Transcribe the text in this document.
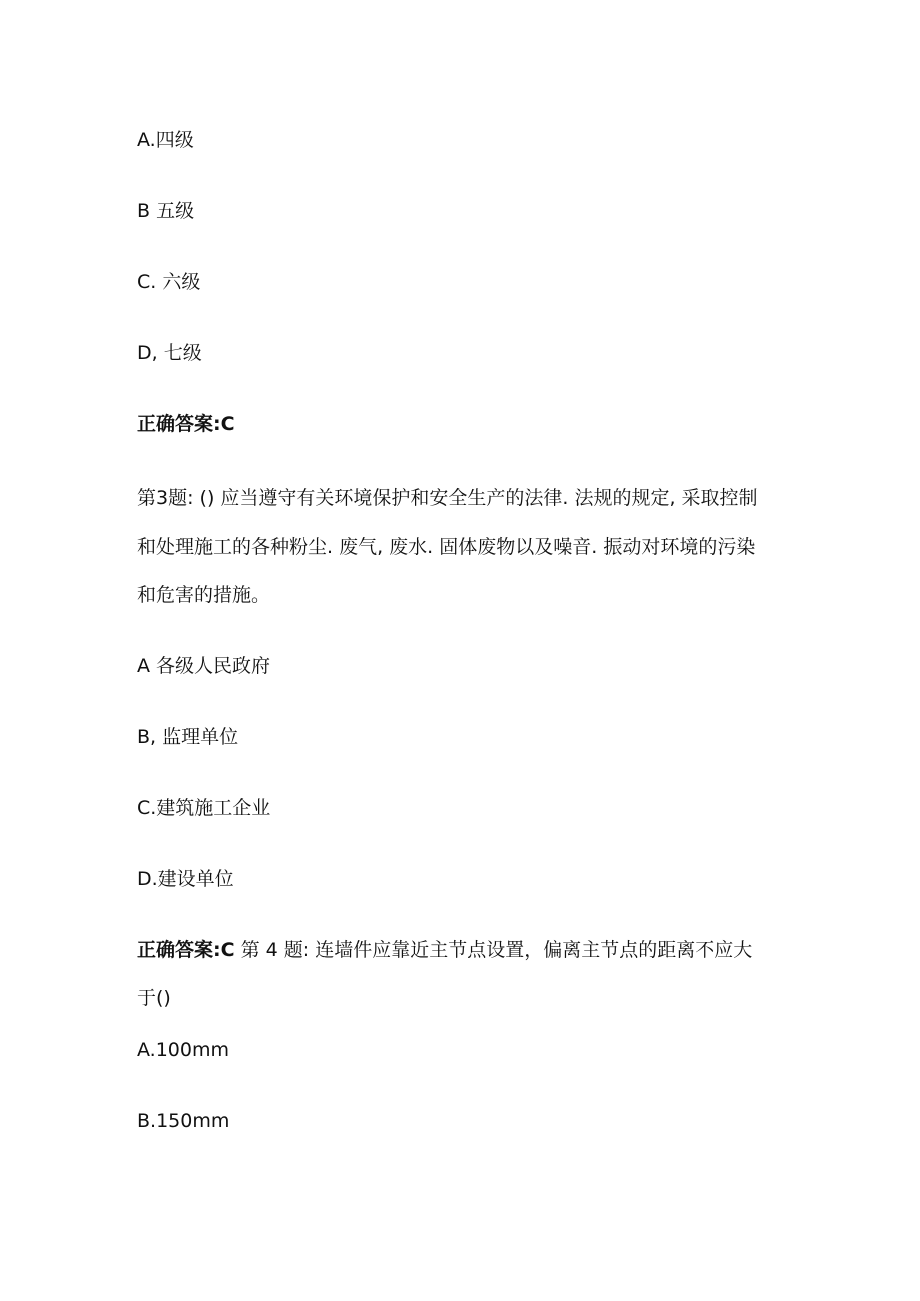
A.四级
B 五级
C. 六级
D, 七级
正确答案:C
第3题: () 应当遵守有关环境保护和安全生产的法律. 法规的规定, 采取控制
和处理施工的各种粉尘. 废气, 废水. 固体废物以及噪音. 振动对环境的污染
和危害的措施。
A 各级人民政府
B, 监理单位
C.建筑施工企业
D.建设单位
正确答案:C 第 4 题: 连墙件应靠近主节点设置，偏离主节点的距离不应大
于()
A.100mm
B.150mm
